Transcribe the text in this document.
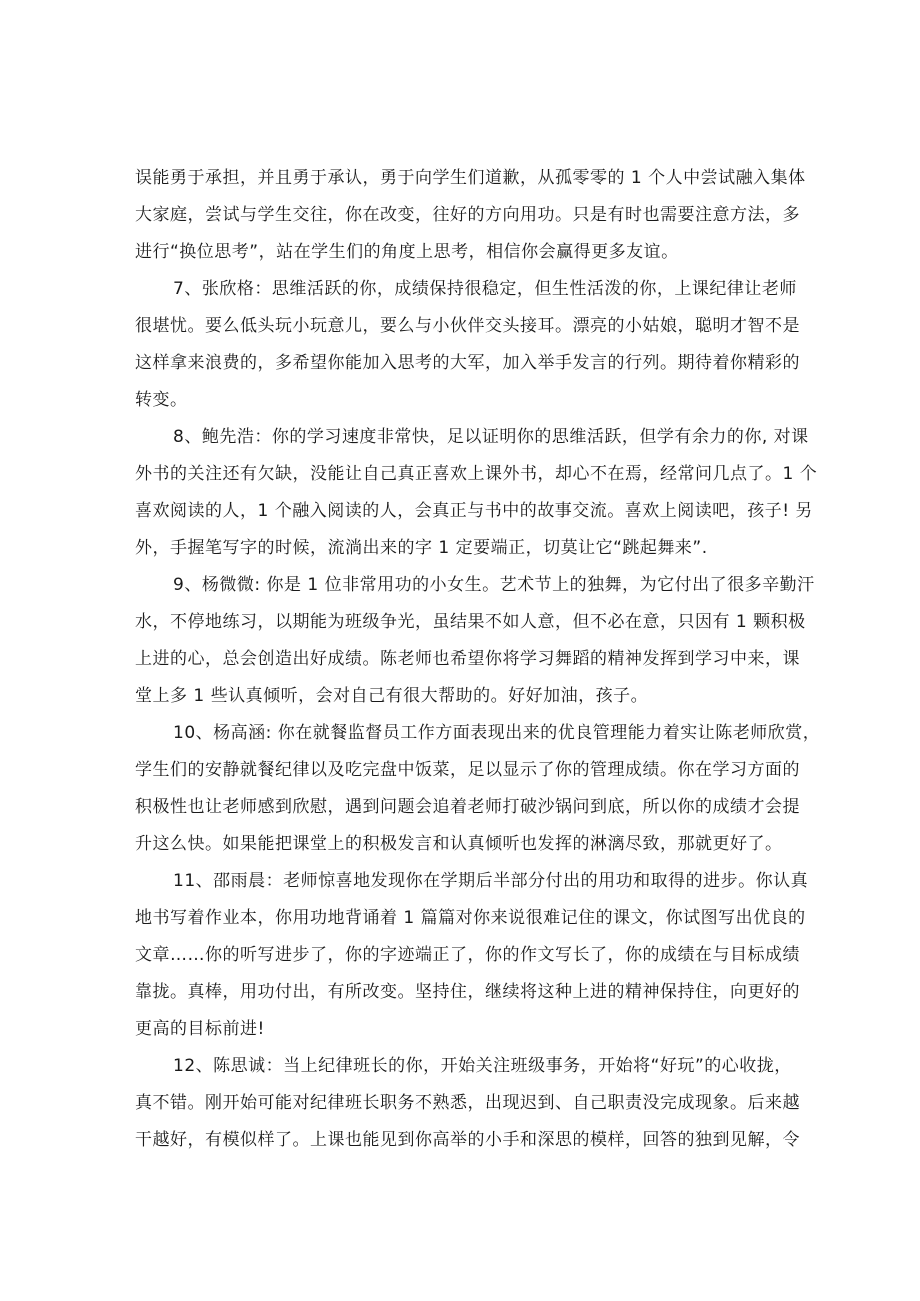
误能勇于承担，并且勇于承认，勇于向学生们道歉，从孤零零的 1 个人中尝试融入集体
大家庭，尝试与学生交往，你在改变，往好的方向用功。只是有时也需要注意方法，多
进行“换位思考”，站在学生们的角度上思考，相信你会赢得更多友谊。
7、张欣格：思维活跃的你，成绩保持很稳定，但生性活泼的你，上课纪律让老师
很堪忧。要么低头玩小玩意儿，要么与小伙伴交头接耳。漂亮的小姑娘，聪明才智不是
这样拿来浪费的，多希望你能加入思考的大军，加入举手发言的行列。期待着你精彩的
转变。
8、鲍先浩：你的学习速度非常快，足以证明你的思维活跃，但学有余力的你, 对课
外书的关注还有欠缺，没能让自己真正喜欢上课外书，却心不在焉，经常问几点了。1 个
喜欢阅读的人，1 个融入阅读的人，会真正与书中的故事交流。喜欢上阅读吧，孩子! 另
外，手握笔写字的时候，流淌出来的字 1 定要端正，切莫让它“跳起舞来”.
9、杨微微: 你是 1 位非常用功的小女生。艺术节上的独舞，为它付出了很多辛勤汗
水，不停地练习，以期能为班级争光，虽结果不如人意，但不必在意，只因有 1 颗积极
上进的心，总会创造出好成绩。陈老师也希望你将学习舞蹈的精神发挥到学习中来，课
堂上多 1 些认真倾听，会对自己有很大帮助的。好好加油，孩子。
10、杨高涵: 你在就餐监督员工作方面表现出来的优良管理能力着实让陈老师欣赏，
学生们的安静就餐纪律以及吃完盘中饭菜，足以显示了你的管理成绩。你在学习方面的
积极性也让老师感到欣慰，遇到问题会追着老师打破沙锅问到底，所以你的成绩才会提
升这么快。如果能把课堂上的积极发言和认真倾听也发挥的淋漓尽致，那就更好了。
11、邵雨晨：老师惊喜地发现你在学期后半部分付出的用功和取得的进步。你认真
地书写着作业本，你用功地背诵着 1 篇篇对你来说很难记住的课文，你试图写出优良的
文章……你的听写进步了，你的字迹端正了，你的作文写长了，你的成绩在与目标成绩
靠拢。真棒，用功付出，有所改变。坚持住，继续将这种上进的精神保持住，向更好的
更高的目标前进!
12、陈思诚：当上纪律班长的你，开始关注班级事务，开始将“好玩”的心收拢，
真不错。刚开始可能对纪律班长职务不熟悉，出现迟到、自己职责没完成现象。后来越
干越好，有模似样了。上课也能见到你高举的小手和深思的模样，回答的独到见解，令
